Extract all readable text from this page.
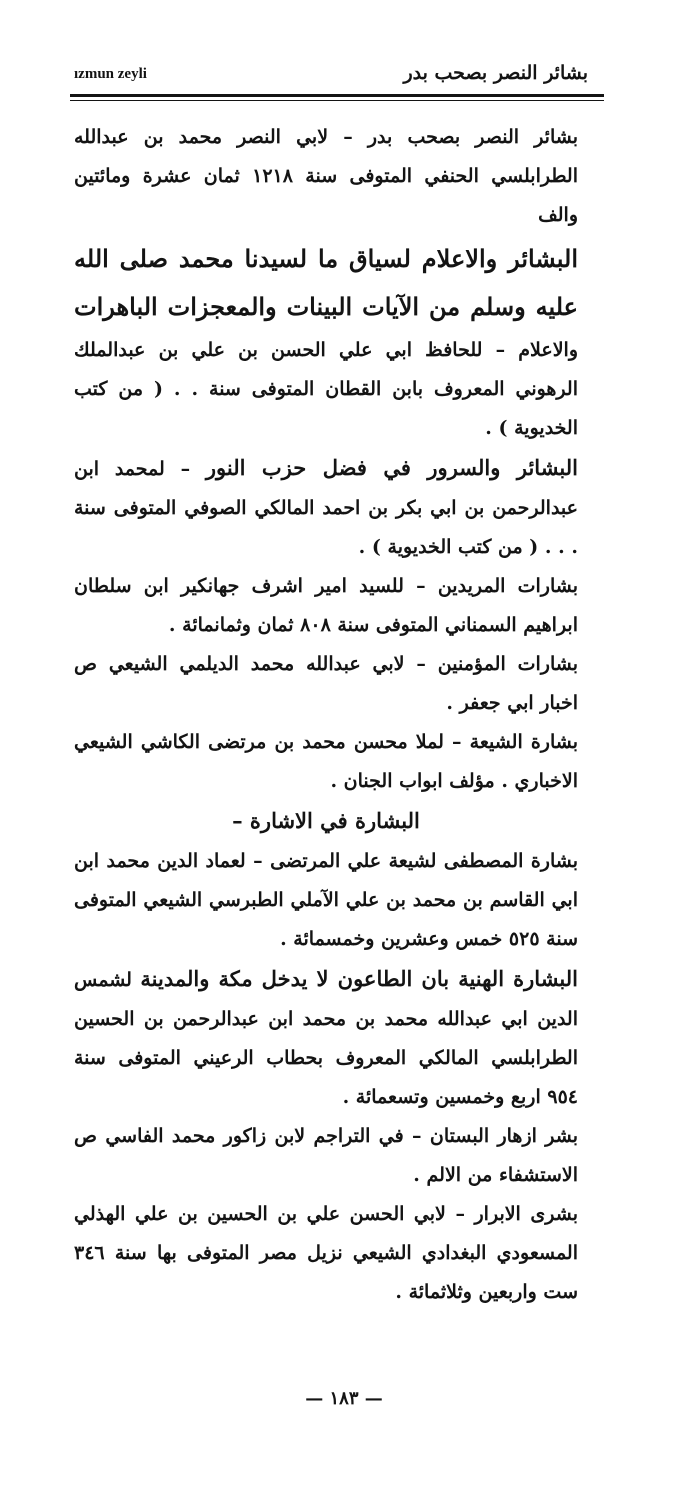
ızmun zeyli	بشائر النصر بصحب بدر

بشائر النصر بصحب بدر – لابي النصر محمد بن عبدالله الطرابلسي الحنفي المتوفى سنة ١٢١٨ ثمان عشرة ومائتين والف

البشائر والاعلام لسياق ما لسيدنا محمد صلى الله عليه وسلم من الآيات البينات والمعجزات الباهرات والاعلام – للحافظ ابي علي الحسن بن علي بن عبدالملك الرهوني المعروف بابن القطان المتوفى سنة . . ( من كتب الخديوية ) .

البشائر والسرور في فضل حزب النور – لمحمد ابن عبدالرحمن بن ابي بكر بن احمد المالكي الصوفي المتوفى سنة . . . ( من كتب الخديوية ) .

بشارات المريدين – للسيد امير اشرف جهانكير ابن سلطان ابراهيم السمناني المتوفى سنة ٨٠٨ ثمان وثمانمائة .

بشارات المؤمنين – لابي عبدالله محمد الديلمي الشيعي ص اخبار ابي جعفر .

بشارة الشيعة – لملا محسن محمد بن مرتضى الكاشي الشيعي الاخباري . مؤلف ابواب الجنان .

البشارة في الاشارة –

بشارة المصطفى لشيعة علي المرتضى – لعماد الدين محمد ابن ابي القاسم بن محمد بن علي الآملي الطبرسي الشيعي المتوفى سنة ٥٢٥ خمس وعشرين وخمسمائة .

البشارة الهنية بان الطاعون لا يدخل مكة والمدينة لشمس الدين ابي عبدالله محمد بن محمد ابن عبدالرحمن بن الحسين الطرابلسي المالكي المعروف بحطاب الرعيني المتوفى سنة ٩٥٤ اربع وخمسين وتسعمائة .

بشر ازهار البستان – في التراجم لابن زاكور محمد الفاسي ص الاستشفاء من الالم .

بشرى الابرار – لابي الحسن علي بن الحسين بن علي الهذلي المسعودي البغدادي الشيعي نزيل مصر المتوفى بها سنة ٣٤٦ ست واربعين وثلاثمائة .

— ١٨٣ —
